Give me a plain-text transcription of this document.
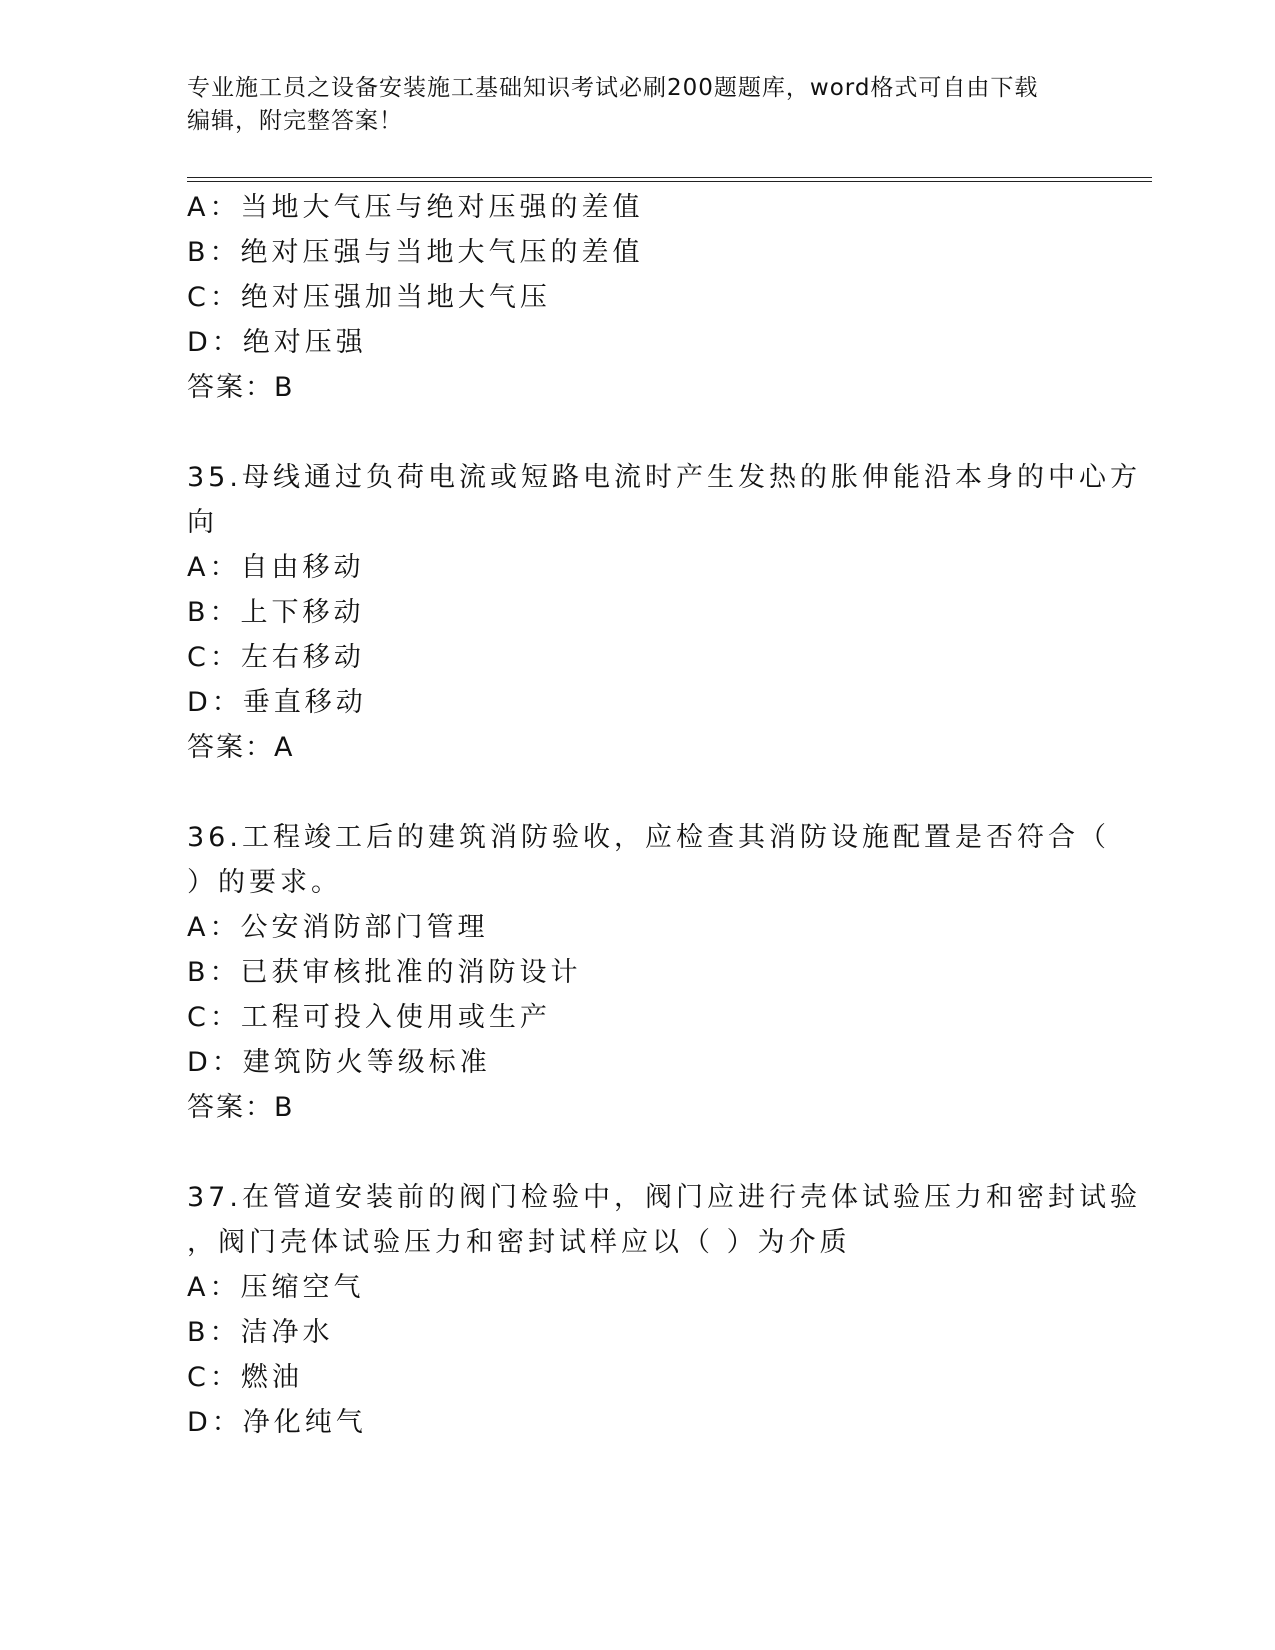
专业施工员之设备安装施工基础知识考试必刷200题题库，word格式可自由下载
编辑，附完整答案！
A：当地大气压与绝对压强的差值
B：绝对压强与当地大气压的差值
C：绝对压强加当地大气压
D：绝对压强
答案：B
35.母线通过负荷电流或短路电流时产生发热的胀伸能沿本身的中心方
向
A：自由移动
B：上下移动
C：左右移动
D：垂直移动
答案：A
36.工程竣工后的建筑消防验收，应检查其消防设施配置是否符合（
）的要求。
A：公安消防部门管理
B：已获审核批准的消防设计
C：工程可投入使用或生产
D：建筑防火等级标准
答案：B
37.在管道安装前的阀门检验中，阀门应进行壳体试验压力和密封试验
，阀门壳体试验压力和密封试样应以（ ）为介质
A：压缩空气
B：洁净水
C：燃油
D：净化纯气
